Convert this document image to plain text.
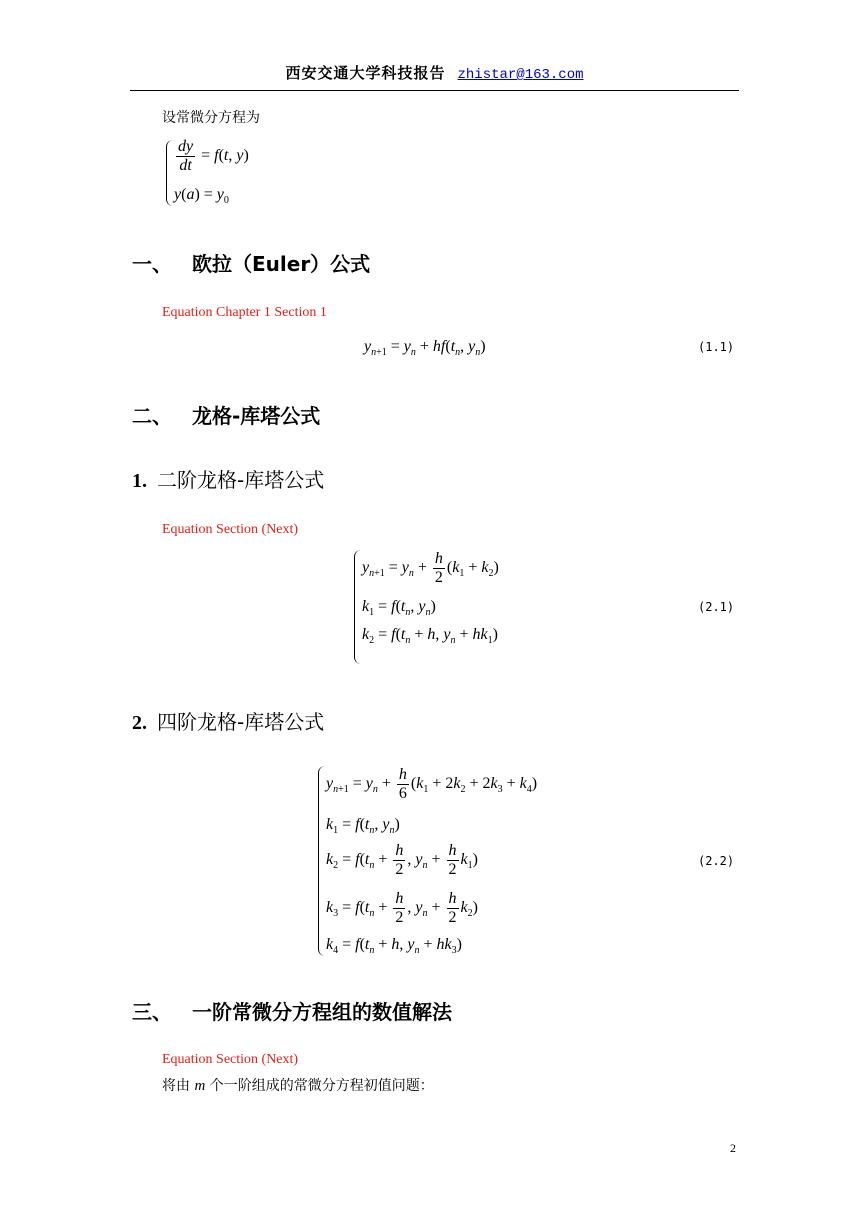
西安交通大学科技报告 zhistar@163.com
设常微分方程为
$\frac{dy}{dt} = f(t$, y)
$y(a) = y_0$
一、 欧拉（Euler）公式
Equation Chapter 1 Section 1
$y_{n+1} = y_n + hf(t_n$, $y_n$)	(1.1)
二、 龙格-库塔公式
1. 二阶龙格-库塔公式
Equation Section (Next)
$y_{n+1} = y_n + \frac{h}{2} (k_1 + k_2)$
$k_1 = f(t_n$, $y_n$)
$k_2 = f(t_n + h$, $y_n + hk_1$)
(2.1)
2. 四阶龙格-库塔公式
$y_{n+1} = y_n + \frac{h}{6} (k_1 + 2k_2 + 2k_3 + k_4)$
$k_1 = f(t_n$, $y_n$)
$k_2 = f(t_n + \frac{h}{2}$ , $y_n + \frac{h}{2} k_1$)
$k_3 = f(t_n + \frac{h}{2}$ , $y_n + \frac{h}{2} k_2$)
$k_4 = f(t_n + h$, $y_n + hk_3$)
(2.2)
三、 一阶常微分方程组的数值解法
Equation Section (Next)
将由 m 个一阶组成的常微分方程初值问题：
2
